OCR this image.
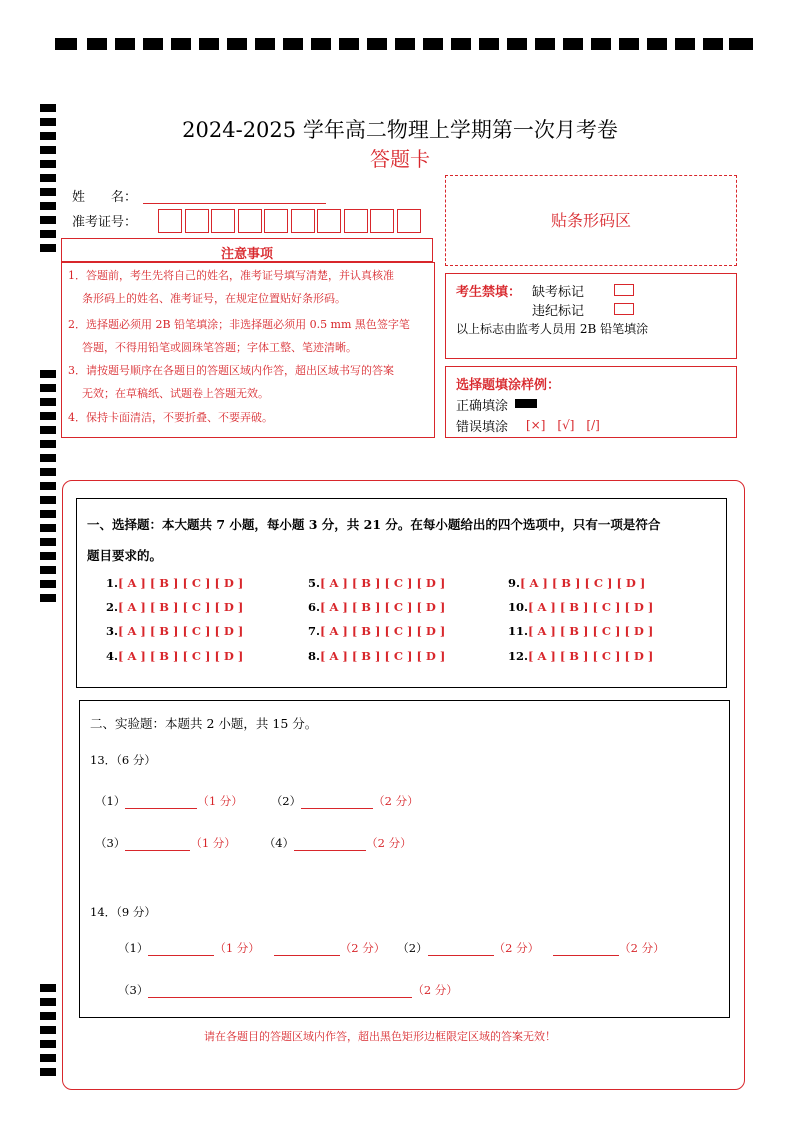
2024-2025 学年高二物理上学期第一次月考卷
答题卡
姓　　名：
准考证号：	贴条形码区
注意事项
1．答题前，考生先将自己的姓名，准考证号填写清楚，并认真核准
条形码上的姓名、准考证号，在规定位置贴好条形码。
2．选择题必须用 2B 铅笔填涂；非选择题必须用 0.5 mm 黑色签字笔
答题，不得用铅笔或圆珠笔答题；字体工整、笔迹清晰。
3．请按题号顺序在各题目的答题区域内作答，超出区域书写的答案
无效；在草稿纸、试题卷上答题无效。
4．保持卡面清洁，不要折叠、不要弄破。
考生禁填： 缺考标记
违纪标记
以上标志由监考人员用 2B 铅笔填涂
选择题填涂样例：
正确填涂
错误填涂 [×]　[√]　[/]
一、选择题：本大题共 7 小题，每小题 3 分，共 21 分。在每小题给出的四个选项中，只有一项是符合
题目要求的。
1.[ A ] [ B ] [ C ] [ D ]
2.[ A ] [ B ] [ C ] [ D ]
3.[ A ] [ B ] [ C ] [ D ]
4.[ A ] [ B ] [ C ] [ D ]
5.[ A ] [ B ] [ C ] [ D ]
6.[ A ] [ B ] [ C ] [ D ]
7.[ A ] [ B ] [ C ] [ D ]
8.[ A ] [ B ] [ C ] [ D ]
9.[ A ] [ B ] [ C ] [ D ]
10.[ A ] [ B ] [ C ] [ D ]
11.[ A ] [ B ] [ C ] [ D ]
12.[ A ] [ B ] [ C ] [ D ]
二、实验题：本题共 2 小题，共 15 分。
13．（6 分）
（1）	（1 分） （2）	（2 分）
（3）	（1 分） （4）	（2 分）
14．（9 分）
（1）	（1 分）	（2 分） （2）	（2 分）	（2 分）
（3）	（2 分）
请在各题目的答题区域内作答，超出黑色矩形边框限定区域的答案无效！
